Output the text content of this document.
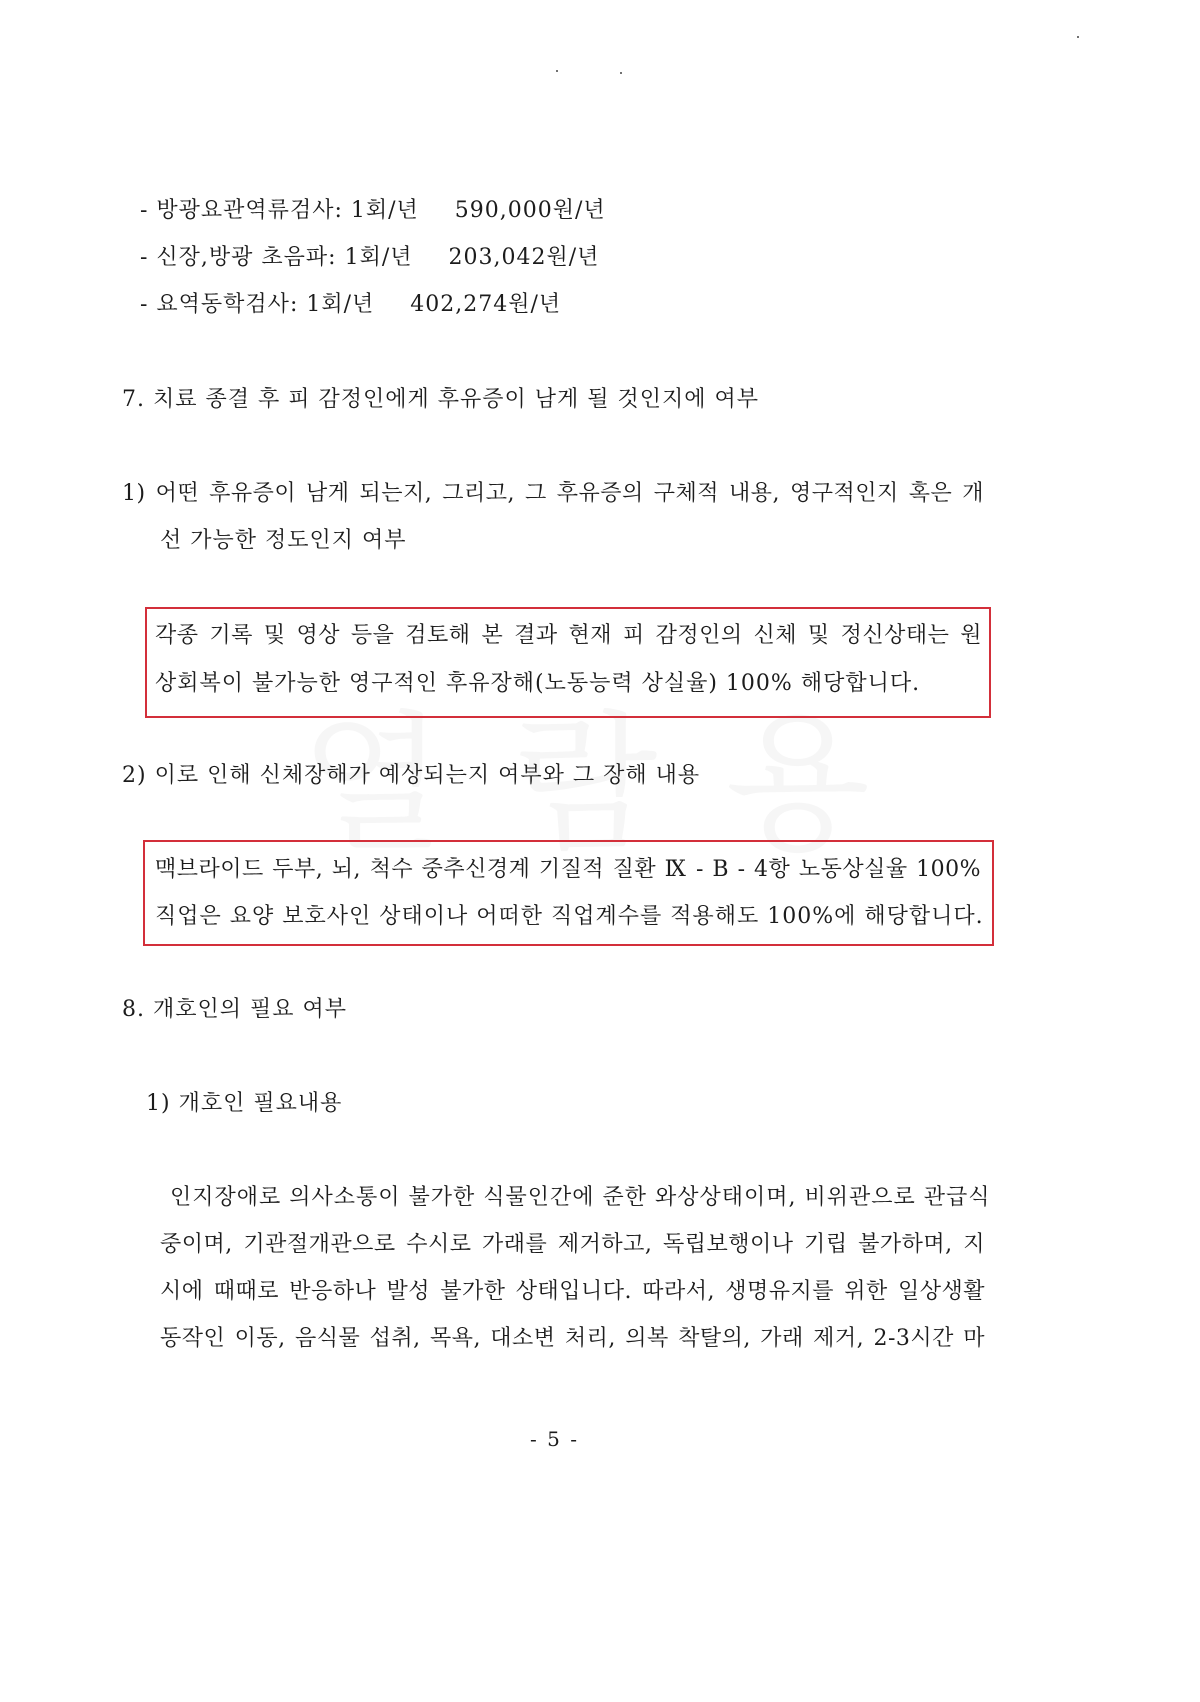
- 방광요관역류검사: 1회/년 590,000원/년
- 신장,방광 초음파: 1회/년 203,042원/년
- 요역동학검사: 1회/년 402,274원/년
7. 치료 종결 후 피 감정인에게 후유증이 남게 될 것인지에 여부
1) 어떤 후유증이 남게 되는지, 그리고, 그 후유증의 구체적 내용, 영구적인지 혹은 개
선 가능한 정도인지 여부
각종 기록 및 영상 등을 검토해 본 결과 현재 피 감정인의 신체 및 정신상태는 원
상회복이 불가능한 영구적인 후유장해(노동능력 상실율) 100% 해당합니다.
2) 이로 인해 신체장해가 예상되는지 여부와 그 장해 내용
맥브라이드 두부, 뇌, 척수 중추신경계 기질적 질환 Ⅸ - B - 4항 노동상실율 100%
직업은 요양 보호사인 상태이나 어떠한 직업계수를 적용해도 100%에 해당합니다.
8. 개호인의 필요 여부
1) 개호인 필요내용
인지장애로 의사소통이 불가한 식물인간에 준한 와상상태이며, 비위관으로 관급식
중이며, 기관절개관으로 수시로 가래를 제거하고, 독립보행이나 기립 불가하며, 지
시에 때때로 반응하나 발성 불가한 상태입니다. 따라서, 생명유지를 위한 일상생활
동작인 이동, 음식물 섭취, 목욕, 대소변 처리, 의복 착탈의, 가래 제거, 2-3시간 마
- 5 -
